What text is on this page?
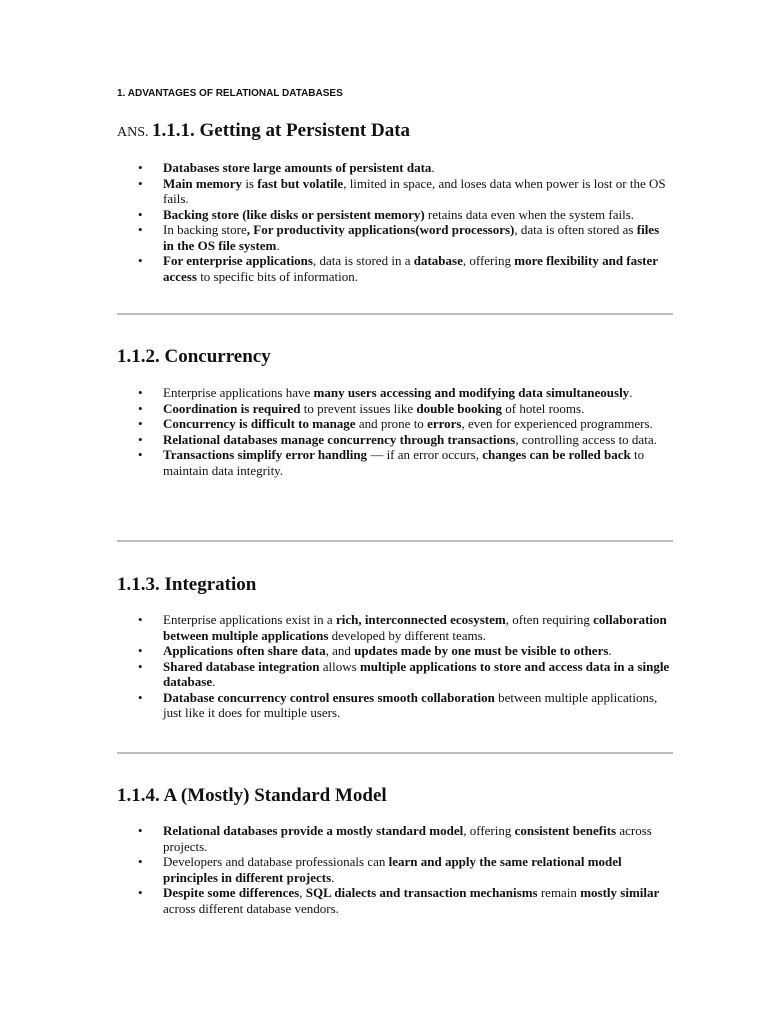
1. ADVANTAGES OF RELATIONAL DATABASES
ANS. 1.1.1. Getting at Persistent Data
• Databases store large amounts of persistent data.
• Main memory is fast but volatile, limited in space, and loses data when power is lost or the OS fails.
• Backing store (like disks or persistent memory) retains data even when the system fails.
• In backing store, For productivity applications(word processors), data is often stored as files in the OS file system.
• For enterprise applications, data is stored in a database, offering more flexibility and faster access to specific bits of information.
1.1.2. Concurrency
• Enterprise applications have many users accessing and modifying data simultaneously.
• Coordination is required to prevent issues like double booking of hotel rooms.
• Concurrency is difficult to manage and prone to errors, even for experienced programmers.
• Relational databases manage concurrency through transactions, controlling access to data.
• Transactions simplify error handling — if an error occurs, changes can be rolled back to maintain data integrity.
1.1.3. Integration
• Enterprise applications exist in a rich, interconnected ecosystem, often requiring collaboration between multiple applications developed by different teams.
• Applications often share data, and updates made by one must be visible to others.
• Shared database integration allows multiple applications to store and access data in a single database.
• Database concurrency control ensures smooth collaboration between multiple applications, just like it does for multiple users.
1.1.4. A (Mostly) Standard Model
• Relational databases provide a mostly standard model, offering consistent benefits across projects.
• Developers and database professionals can learn and apply the same relational model principles in different projects.
• Despite some differences, SQL dialects and transaction mechanisms remain mostly similar across different database vendors.
